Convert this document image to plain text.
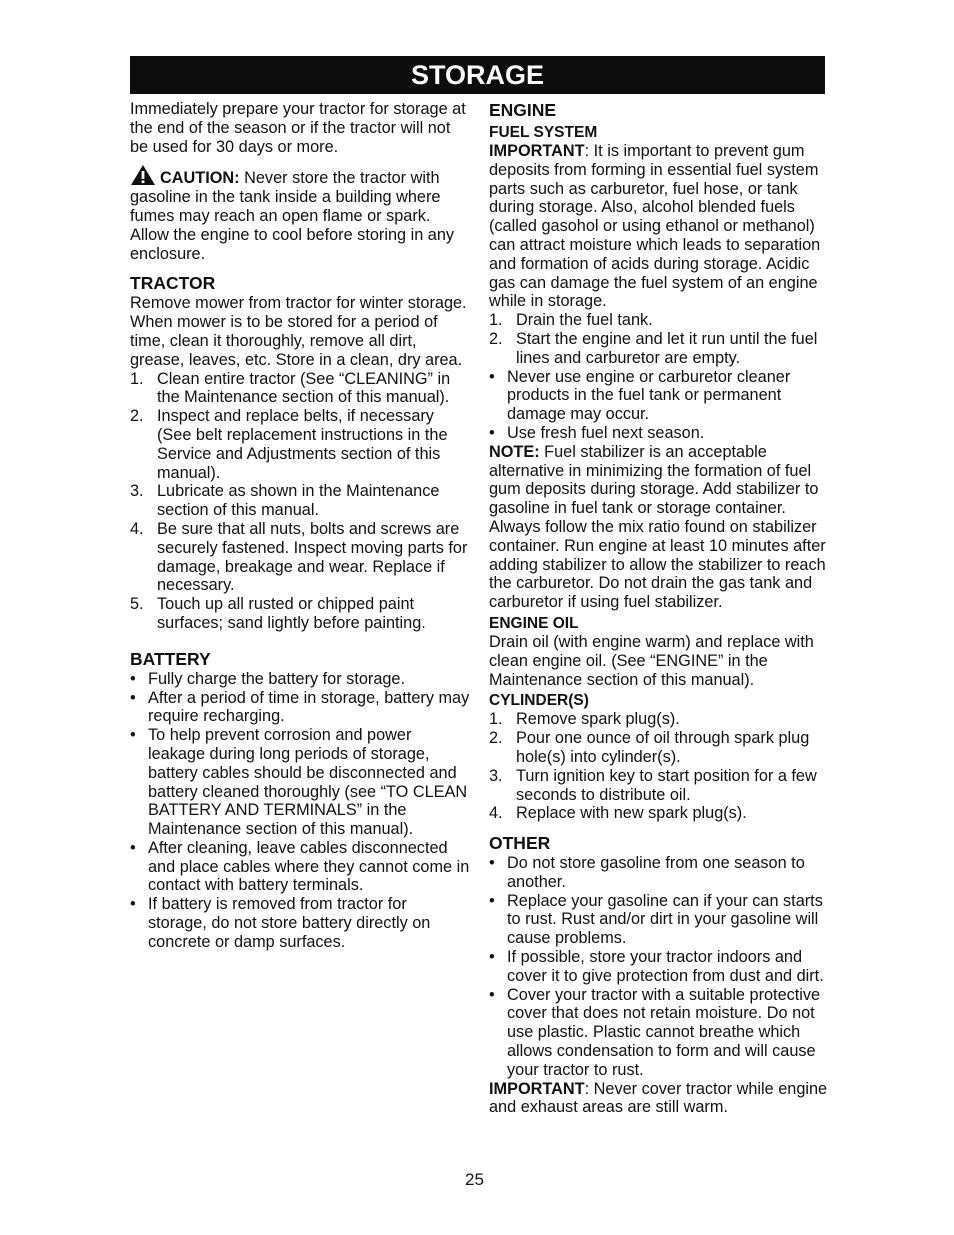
STORAGE

Immediately prepare your tractor for storage at the end of the season or if the tractor will not be used for 30 days or more.

CAUTION: Never store the tractor with gasoline in the tank inside a building where fumes may reach an open flame or spark. Allow the engine to cool before storing in any enclosure.

TRACTOR

Remove mower from tractor for winter storage. When mower is to be stored for a period of time, clean it thoroughly, remove all dirt, grease, leaves, etc. Store in a clean, dry area.

1. Clean entire tractor (See “CLEANING” in the Maintenance section of this manual).
2. Inspect and replace belts, if necessary (See belt replacement instructions in the Service and Adjustments section of this manual).
3. Lubricate as shown in the Maintenance section of this manual.
4. Be sure that all nuts, bolts and screws are securely fastened. Inspect moving parts for damage, breakage and wear. Replace if necessary.
5. Touch up all rusted or chipped paint surfaces; sand lightly before painting.
BATTERY
• Fully charge the battery for storage.
• After a period of time in storage, battery may require recharging.
• To help prevent corrosion and power leakage during long periods of storage, battery cables should be disconnected and battery cleaned thoroughly (see “TO CLEAN BATTERY AND TERMINALS” in the Maintenance section of this manual).
• After cleaning, leave cables disconnected and place cables where they cannot come in contact with battery terminals.
• If battery is removed from tractor for storage, do not store battery directly on concrete or damp surfaces.
ENGINE
FUEL SYSTEM

IMPORTANT: It is important to prevent gum deposits from forming in essential fuel system parts such as carburetor, fuel hose, or tank during storage. Also, alcohol blended fuels (called gasohol or using ethanol or methanol) can attract moisture which leads to separation and formation of acids during storage. Acidic gas can damage the fuel system of an engine while in storage.

1. Drain the fuel tank.
2. Start the engine and let it run until the fuel lines and carburetor are empty.
• Never use engine or carburetor cleaner products in the fuel tank or permanent damage may occur.
• Use fresh fuel next season.

NOTE: Fuel stabilizer is an acceptable alternative in minimizing the formation of fuel gum deposits during storage. Add stabilizer to gasoline in fuel tank or storage container. Always follow the mix ratio found on stabilizer container. Run engine at least 10 minutes after adding stabilizer to allow the stabilizer to reach the carburetor. Do not drain the gas tank and carburetor if using fuel stabilizer.

ENGINE OIL

Drain oil (with engine warm) and replace with clean engine oil. (See “ENGINE” in the Maintenance section of this manual).

CYLINDER(S)
1. Remove spark plug(s).
2. Pour one ounce of oil through spark plug hole(s) into cylinder(s).
3. Turn ignition key to start position for a few seconds to distribute oil.
4. Replace with new spark plug(s).
OTHER
• Do not store gasoline from one season to another.
• Replace your gasoline can if your can starts to rust. Rust and/or dirt in your gasoline will cause problems.
• If possible, store your tractor indoors and cover it to give protection from dust and dirt.
• Cover your tractor with a suitable protective cover that does not retain moisture. Do not use plastic. Plastic cannot breathe which allows condensation to form and will cause your tractor to rust.

IMPORTANT: Never cover tractor while engine and exhaust areas are still warm.

25
